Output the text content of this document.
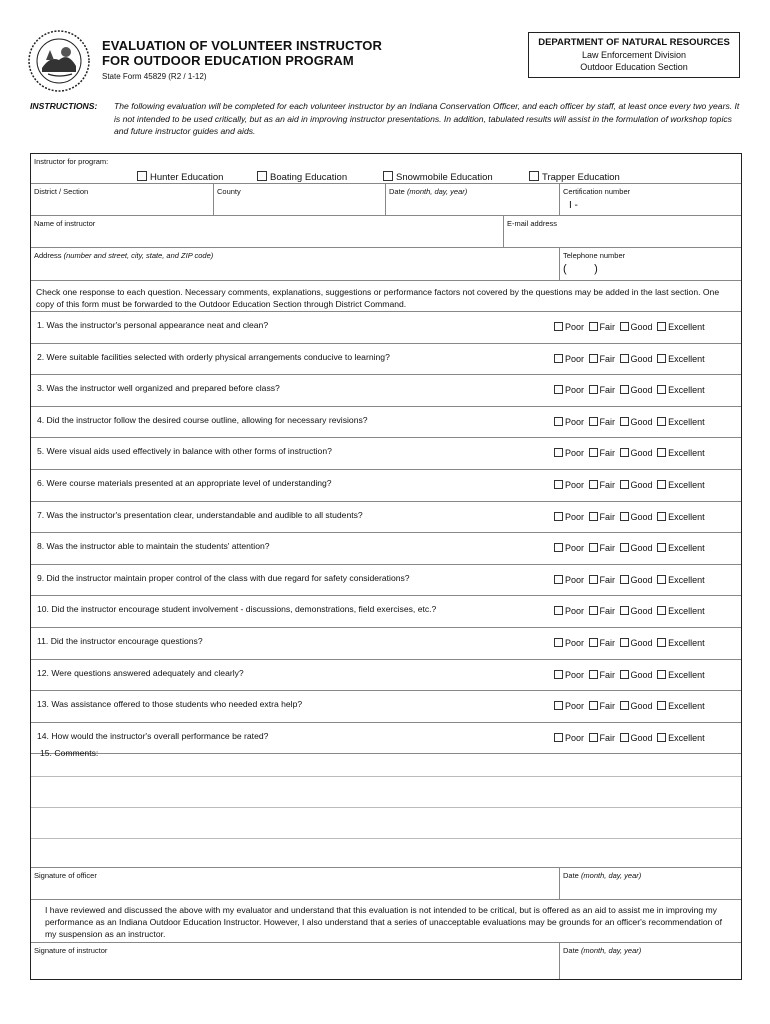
EVALUATION OF VOLUNTEER INSTRUCTOR
FOR OUTDOOR EDUCATION PROGRAM
State Form 45829 (R2 / 1-12)
DEPARTMENT OF NATURAL RESOURCES
Law Enforcement Division
Outdoor Education Section
INSTRUCTIONS:	The following evaluation will be completed for each volunteer instructor by an Indiana Conservation Officer, and each officer by staff, at least once every two years. It is not intended to be used critically, but as an aid in improving instructor presentations. In addition, tabulated results will assist in the formulation of workshop topics and future instructor guides and aids.
Instructor for program:
Hunter Education	Boating Education	Snowmobile Education	Trapper Education
District / Section	County	Date (month, day, year)	Certification number
I -
Name of instructor	E-mail address
Address (number and street, city, state, and ZIP code)	Telephone number
(         )
Check one response to each question. Necessary comments, explanations, suggestions or performance factors not covered by the questions may be added in the last section. One copy of this form must be forwarded to the Outdoor Education Section through District Command.
1. Was the instructor's personal appearance neat and clean?	Poor Fair Good Excellent
2. Were suitable facilities selected with orderly physical arrangements conducive to learning?	Poor Fair Good Excellent
3. Was the instructor well organized and prepared before class?	Poor Fair Good Excellent
4. Did the instructor follow the desired course outline, allowing for necessary revisions?	Poor Fair Good Excellent
5. Were visual aids used effectively in balance with other forms of instruction?	Poor Fair Good Excellent
6. Were course materials presented at an appropriate level of understanding?	Poor Fair Good Excellent
7. Was the instructor's presentation clear, understandable and audible to all students?	Poor Fair Good Excellent
8. Was the instructor able to maintain the students' attention?	Poor Fair Good Excellent
9. Did the instructor maintain proper control of the class with due regard for safety considerations?	Poor Fair Good Excellent
10. Did the instructor encourage student involvement - discussions, demonstrations, field exercises, etc.?	Poor Fair Good Excellent
11. Did the instructor encourage questions?	Poor Fair Good Excellent
12. Were questions answered adequately and clearly?	Poor Fair Good Excellent
13. Was assistance offered to those students who needed extra help?	Poor Fair Good Excellent
14. How would the instructor's overall performance be rated?	Poor Fair Good Excellent
15. Comments:
Signature of officer	Date (month, day, year)
I have reviewed and discussed the above with my evaluator and understand that this evaluation is not intended to be critical, but is offered as an aid to assist me in improving my performance as an Indiana Outdoor Education Instructor. However, I also understand that a series of unacceptable evaluations may be grounds for an officer's recommendation of my suspension as an instructor.
Signature of instructor	Date (month, day, year)
